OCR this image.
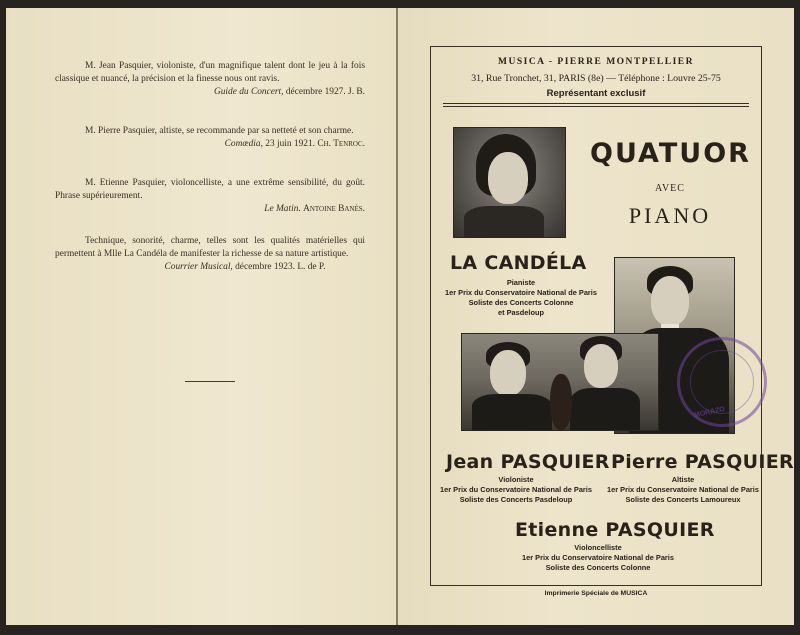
M. Jean Pasquier, violoniste, d'un magnifique talent dont le jeu à la fois classique et nuancé, la précision et la finesse nous ont ravis.

Guide du Concert, décembre 1927. J. B.

M. Pierre Pasquier, altiste, se recommande par sa netteté et son charme.

Comœdia, 23 juin 1921. Ch. Tenroc.

M. Etienne Pasquier, violoncelliste, a une extrême sensibilité, du goût. Phrase supérieurement.

Le Matin. Antoine Banès.

Technique, sonorité, charme, telles sont les qualités matérielles qui permettent à Mlle La Candéla de manifester la richesse de sa nature artistique.

Courrier Musical, décembre 1923. L. de P.

MUSICA - PIERRE MONTPELLIER
31, Rue Tronchet, 31, PARIS (8e) — Téléphone : Louvre 25-75
Représentant exclusif
QUATUOR
AVEC
PIANO
LA CANDÉLA
Pianiste
1er Prix du Conservatoire National de Paris
Soliste des Concerts Colonne
et Pasdeloup
Jean PASQUIER
Violoniste
1er Prix du Conservatoire National de Paris
Soliste des Concerts Pasdeloup
Pierre PASQUIER
Altiste
1er Prix du Conservatoire National de Paris
Soliste des Concerts Lamoureux
Etienne PASQUIER
Violoncelliste
1er Prix du Conservatoire National de Paris
Soliste des Concerts Colonne
Imprimerie Spéciale de MUSICA
MORAZO
